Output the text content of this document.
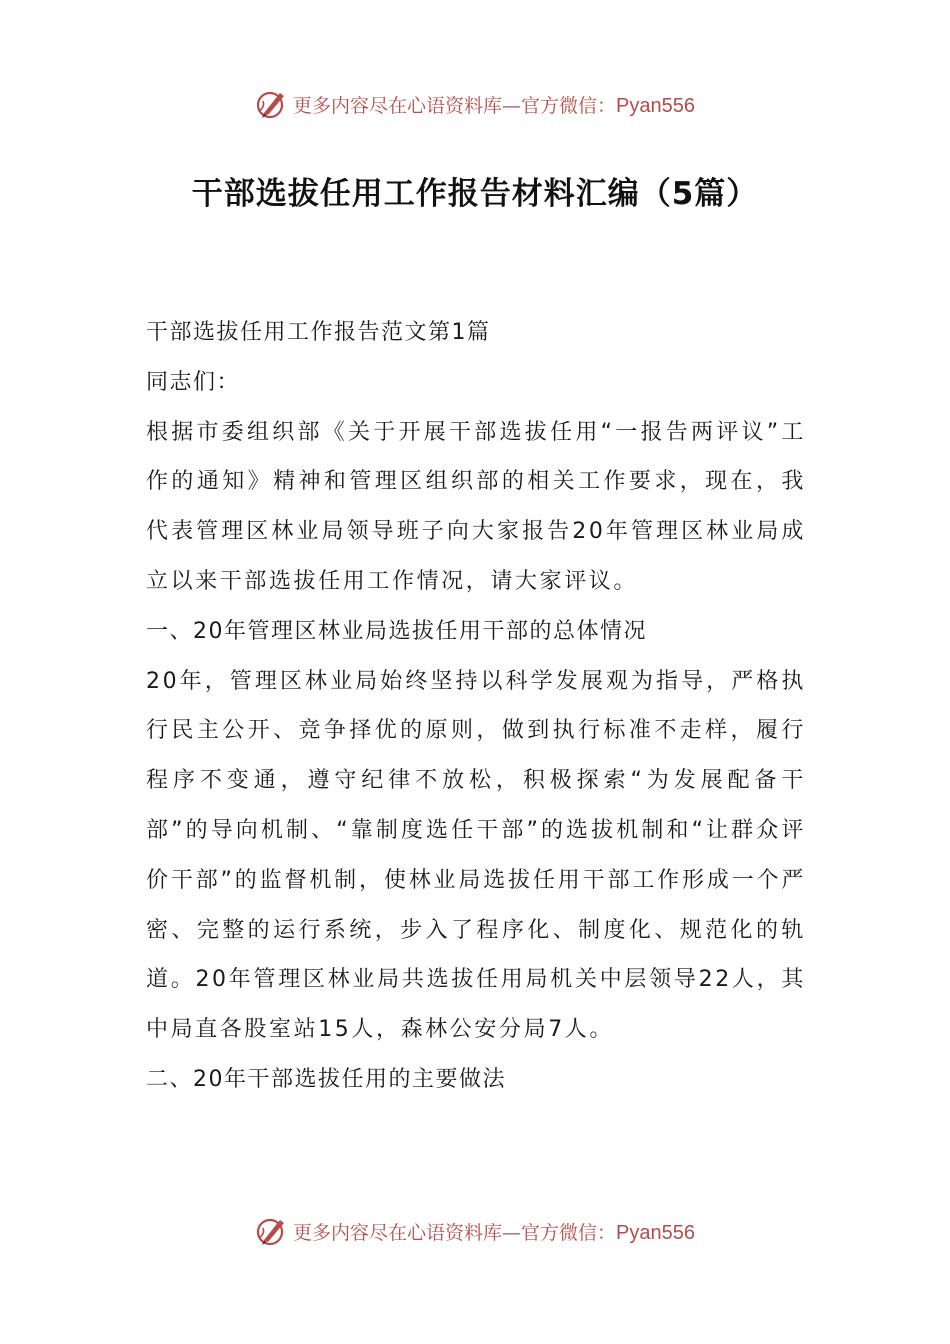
更多内容尽在心语资料库—官方微信：Pyan556
干部选拔任用工作报告材料汇编（5篇）

干部选拔任用工作报告范文第1篇

同志们：

根据市委组织部《关于开展干部选拔任用“一报告两评议”工作的通知》精神和管理区组织部的相关工作要求，现在，我代表管理区林业局领导班子向大家报告20年管理区林业局成立以来干部选拔任用工作情况，请大家评议。

一、20年管理区林业局选拔任用干部的总体情况

20年，管理区林业局始终坚持以科学发展观为指导，严格执行民主公开、竞争择优的原则，做到执行标准不走样，履行程序不变通，遵守纪律不放松，积极探索“为发展配备干部”的导向机制、“靠制度选任干部”的选拔机制和“让群众评价干部”的监督机制，使林业局选拔任用干部工作形成一个严密、完整的运行系统，步入了程序化、制度化、规范化的轨道。20年管理区林业局共选拔任用局机关中层领导22人，其中局直各股室站15人，森林公安分局7人。

二、20年干部选拔任用的主要做法

更多内容尽在心语资料库—官方微信：Pyan556
